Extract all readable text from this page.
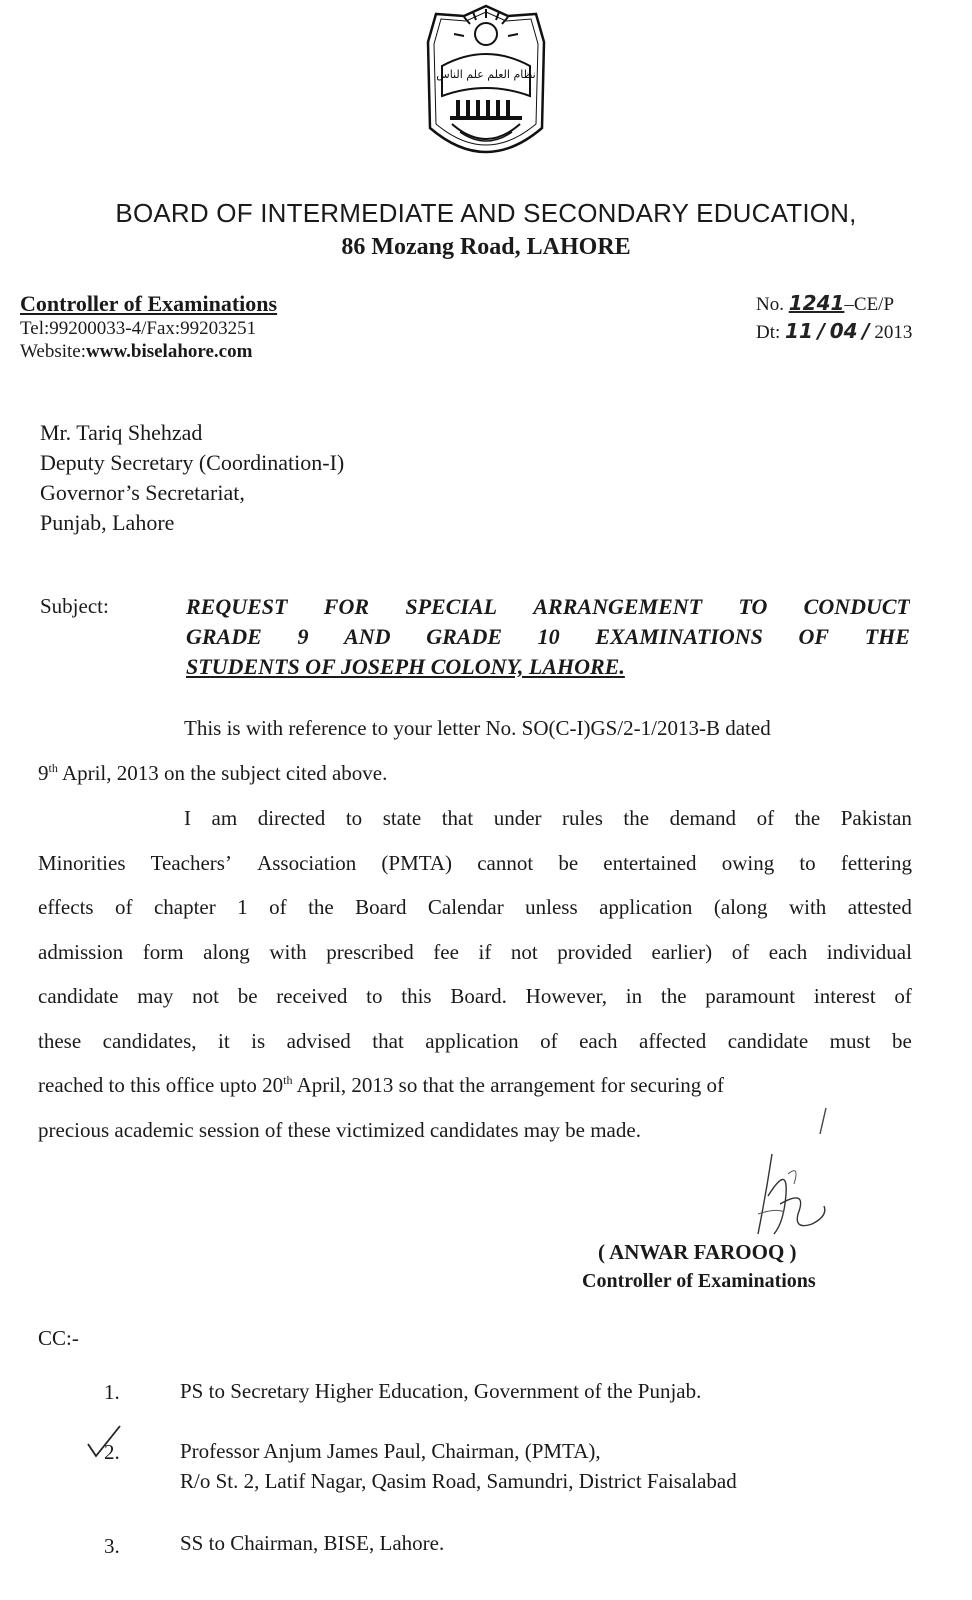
نظام العلم علم الناس
BOARD OF INTERMEDIATE AND SECONDARY EDUCATION,
86 Mozang Road, LAHORE
Controller of Examinations
Tel:99200033-4/Fax:99203251
Website:www.biselahore.com
No. 1241–CE/P
Dt: 11 / 04 / 2013
Mr. Tariq Shehzad
Deputy Secretary (Coordination-I)
Governor’s Secretariat,
Punjab, Lahore
Subject:	REQUEST FOR SPECIAL ARRANGEMENT TO CONDUCT
GRADE 9 AND GRADE 10 EXAMINATIONS OF THE
STUDENTS OF JOSEPH COLONY, LAHORE.
This is with reference to your letter No. SO(C-I)GS/2-1/2013-B dated
9th April, 2013 on the subject cited above.
I am directed to state that under rules the demand of the Pakistan
Minorities Teachers’ Association (PMTA) cannot be entertained owing to fettering
effects of chapter 1 of the Board Calendar unless application (along with attested
admission form along with prescribed fee if not provided earlier) of each individual
candidate may not be received to this Board. However, in the paramount interest of
these candidates, it is advised that application of each affected candidate must be
reached to this office upto 20th April, 2013 so that the arrangement for securing of
precious academic session of these victimized candidates may be made.
( ANWAR FAROOQ )
Controller of Examinations
CC:-
1.	PS to Secretary Higher Education, Government of the Punjab.
2.	Professor Anjum James Paul, Chairman, (PMTA),
R/o St. 2, Latif Nagar, Qasim Road, Samundri, District Faisalabad
3.	SS to Chairman, BISE, Lahore.
